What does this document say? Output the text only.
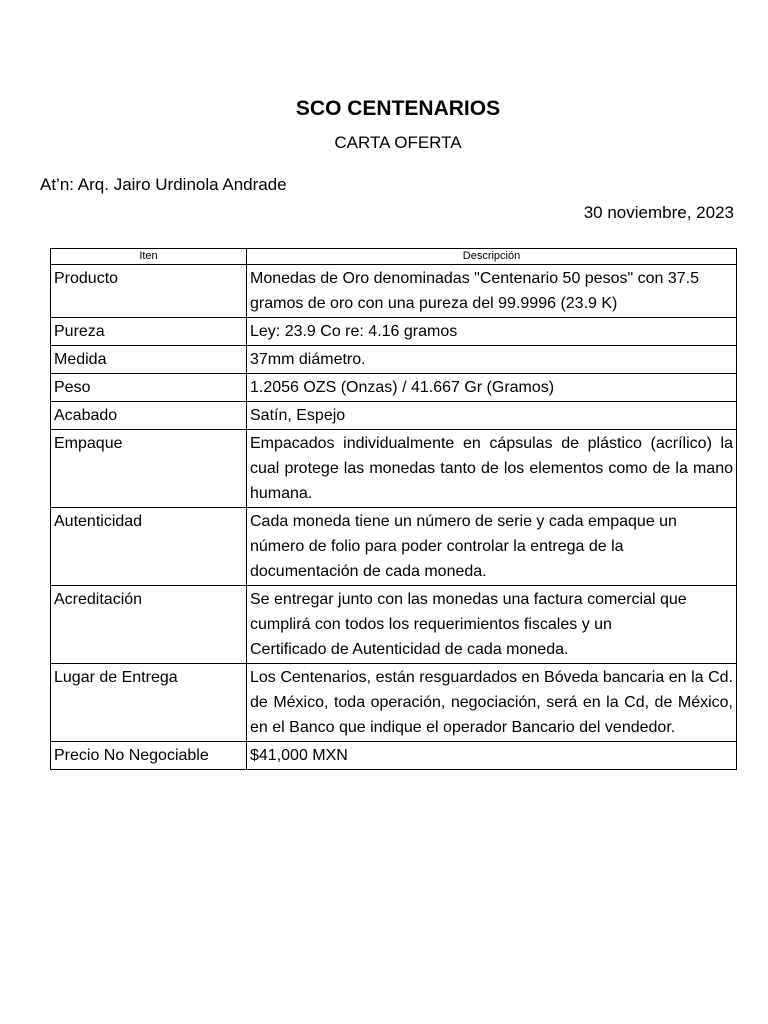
SCO CENTENARIOS
CARTA OFERTA
At’n: Arq. Jairo Urdinola Andrade
30 noviembre, 2023
Iten	Descripción
Producto	Monedas de Oro denominadas "Centenario 50 pesos" con 37.5 gramos de oro con una pureza del 99.9996 (23.9 K)
Pureza	Ley: 23.9 Co re: 4.16 gramos
Medida	37mm diámetro.
Peso	1.2056 OZS (Onzas) / 41.667 Gr (Gramos)
Acabado	Satín, Espejo
Empaque	Empacados individualmente en cápsulas de plástico (acrílico) la cual protege las monedas tanto de los elementos como de la mano humana.
Autenticidad	Cada moneda tiene un número de serie y cada empaque un número de folio para poder controlar la entrega de la documentación de cada moneda.
Acreditación	Se entregar junto con las monedas una factura comercial que cumplirá con todos los requerimientos fiscales y un
Certificado de Autenticidad de cada moneda.

Lugar de Entrega	Los Centenarios, están resguardados en Bóveda bancaria en la Cd. de México, toda operación, negociación, será en la Cd, de México, en el Banco que indique el operador Bancario del vendedor.
Precio No Negociable	$41,000 MXN
